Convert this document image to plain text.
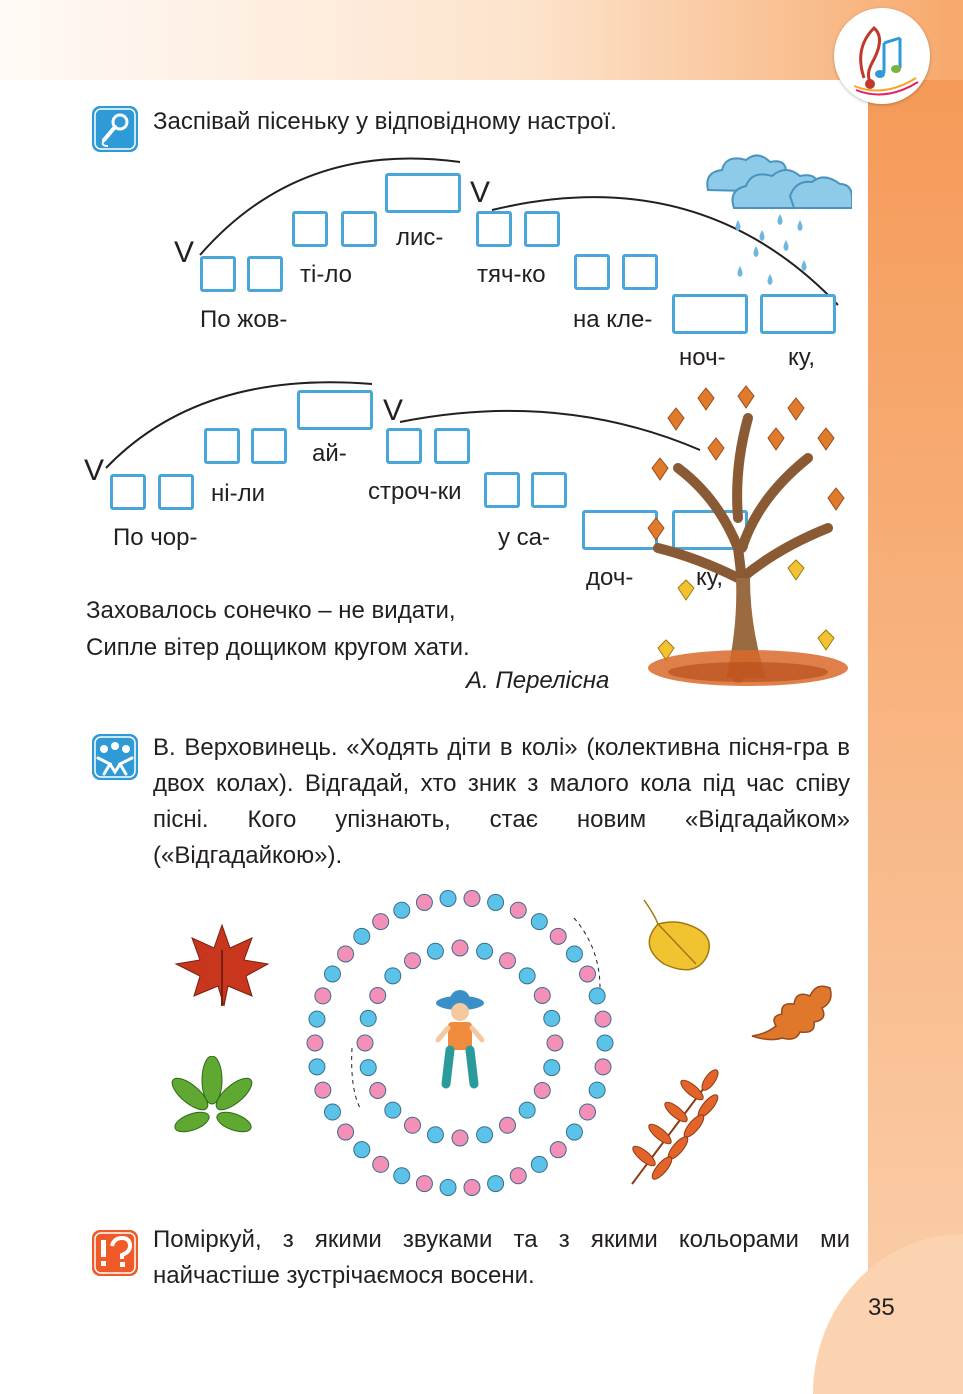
Заспівай пісеньку у відповідному настрої.
V
V
По жов-
ті-ло
лис-
тяч-ко
на кле-
ноч-	ку,
V
V
По чор-
ні-ли
ай-
строч-ки
у са-
доч-	ку,
Заховалось сонечко – не видати,
Сипле вітер дощиком кругом хати.
А. Перелісна
В. Верховинець. «Ходять діти в колі» (колективна пісня-гра в двох колах). Відгадай, хто зник з малого кола під час співу пісні. Кого упізнають, стає новим «Відгадайком» («Відгадайкою»).
Поміркуй, з якими звуками та з якими кольорами ми найчастіше зустрічаємося восени.
35
